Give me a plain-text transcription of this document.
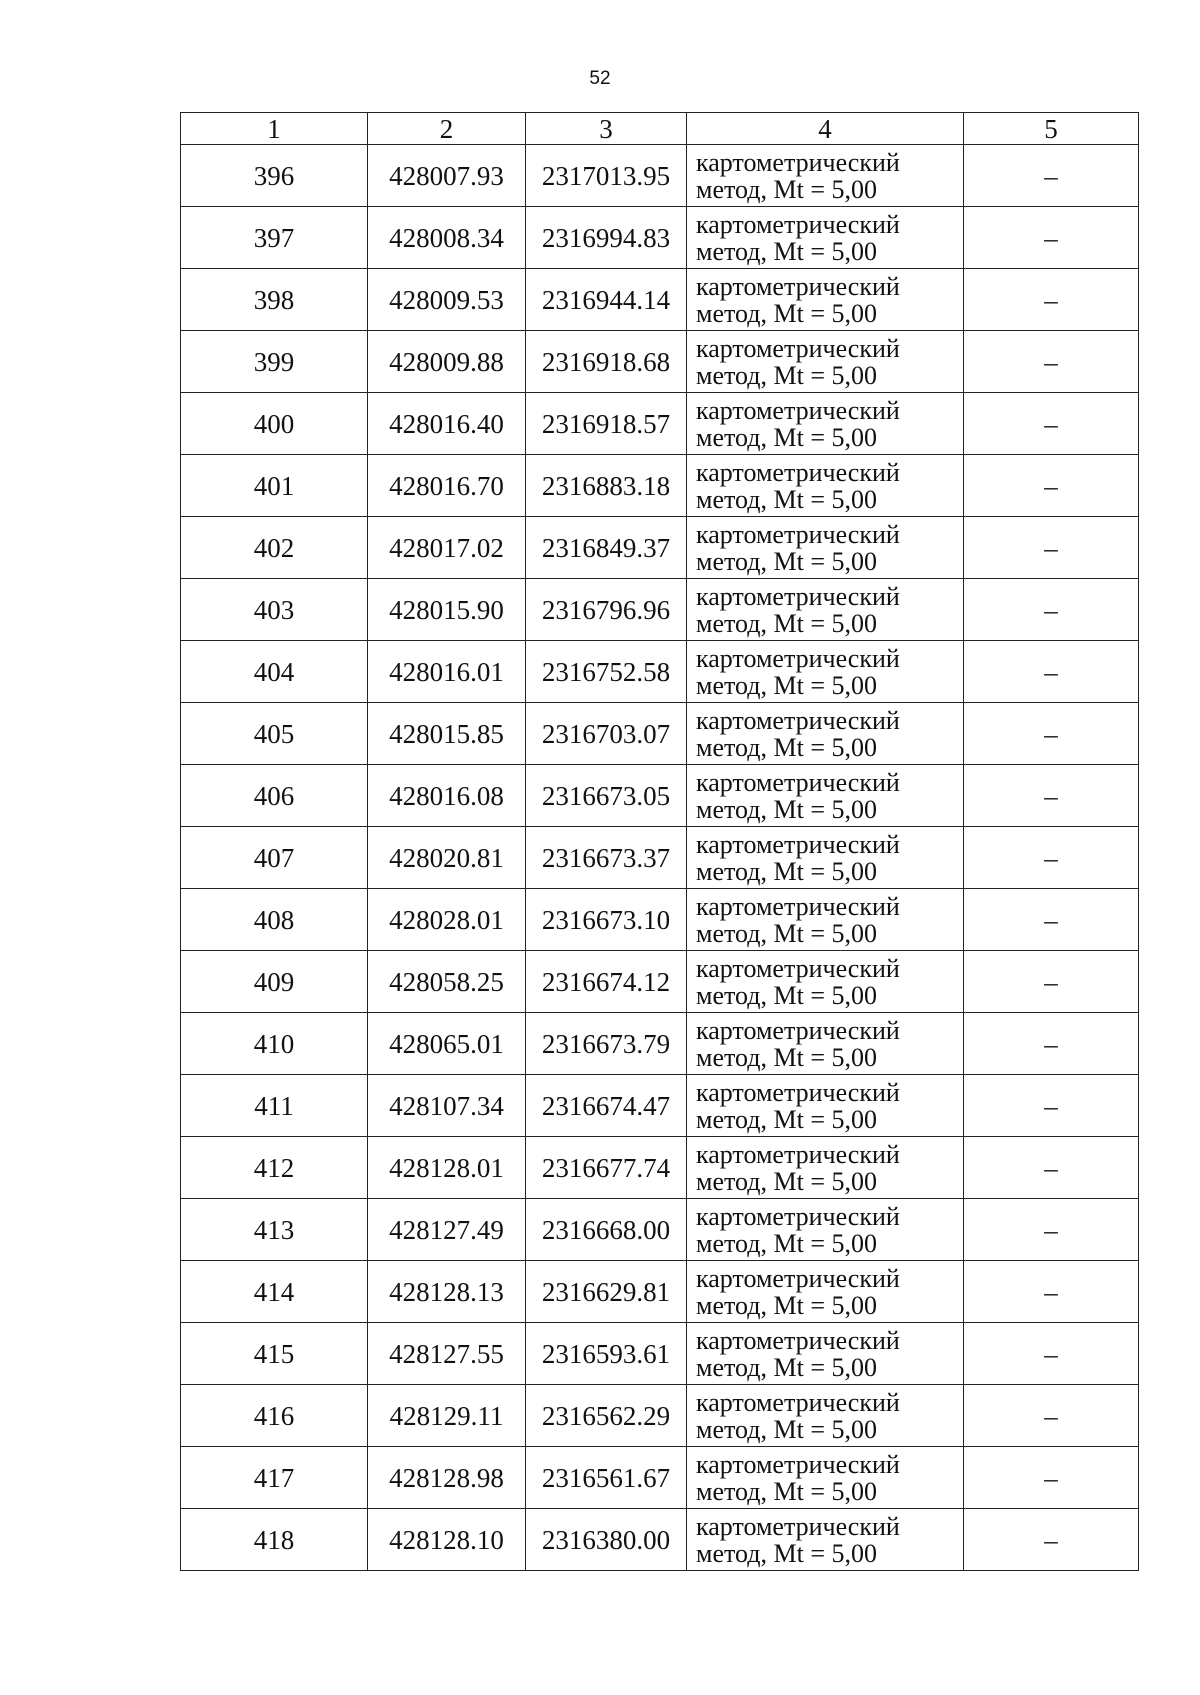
52
1	2	3	4	5
396	428007.93	2317013.95	картометрический
метод, Mt = 5,00	–
397	428008.34	2316994.83	картометрический
метод, Mt = 5,00	–
398	428009.53	2316944.14	картометрический
метод, Mt = 5,00	–
399	428009.88	2316918.68	картометрический
метод, Mt = 5,00	–
400	428016.40	2316918.57	картометрический
метод, Mt = 5,00	–
401	428016.70	2316883.18	картометрический
метод, Mt = 5,00	–
402	428017.02	2316849.37	картометрический
метод, Mt = 5,00	–
403	428015.90	2316796.96	картометрический
метод, Mt = 5,00	–
404	428016.01	2316752.58	картометрический
метод, Mt = 5,00	–
405	428015.85	2316703.07	картометрический
метод, Mt = 5,00	–
406	428016.08	2316673.05	картометрический
метод, Mt = 5,00	–
407	428020.81	2316673.37	картометрический
метод, Mt = 5,00	–
408	428028.01	2316673.10	картометрический
метод, Mt = 5,00	–
409	428058.25	2316674.12	картометрический
метод, Mt = 5,00	–
410	428065.01	2316673.79	картометрический
метод, Mt = 5,00	–
411	428107.34	2316674.47	картометрический
метод, Mt = 5,00	–
412	428128.01	2316677.74	картометрический
метод, Mt = 5,00	–
413	428127.49	2316668.00	картометрический
метод, Mt = 5,00	–
414	428128.13	2316629.81	картометрический
метод, Mt = 5,00	–
415	428127.55	2316593.61	картометрический
метод, Mt = 5,00	–
416	428129.11	2316562.29	картометрический
метод, Mt = 5,00	–
417	428128.98	2316561.67	картометрический
метод, Mt = 5,00	–
418	428128.10	2316380.00	картометрический
метод, Mt = 5,00	–
